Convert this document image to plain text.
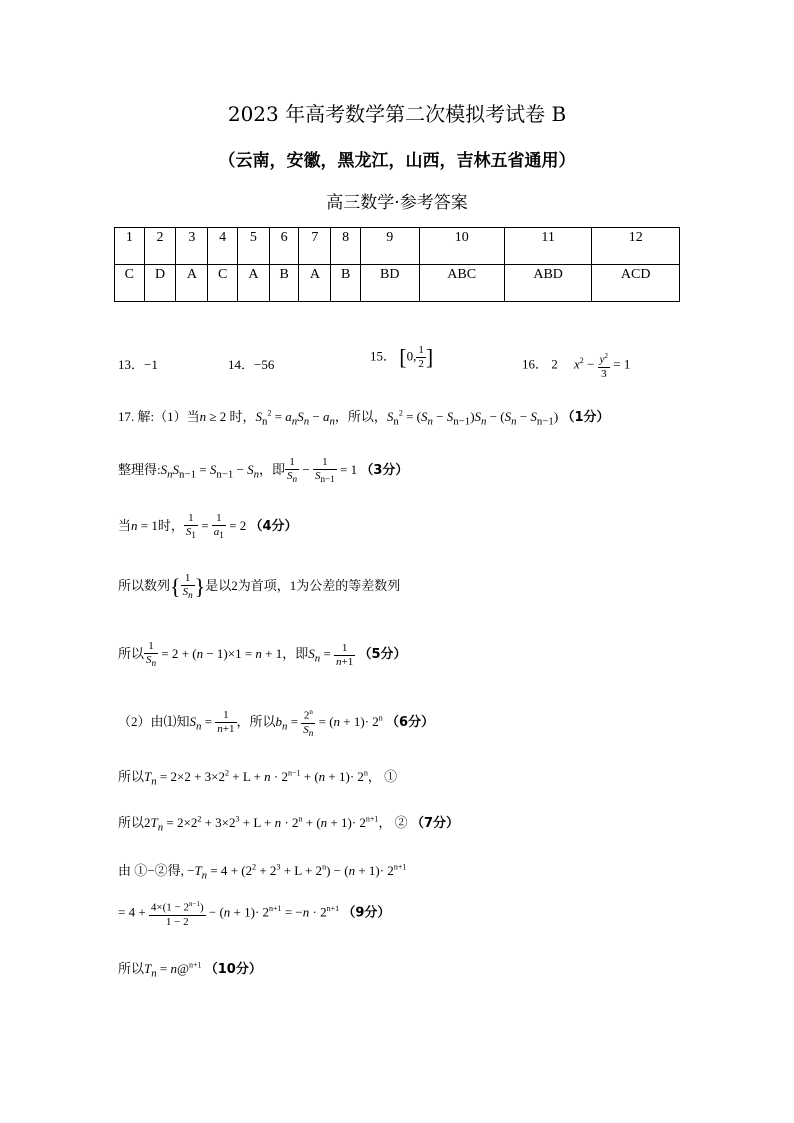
2023 年高考数学第二次模拟考试卷 B
（云南，安徽，黑龙江，山西，吉林五省通用）
高三数学·参考答案
1	2	3	4	5	6	7	8	9	10	11	12
C	D	A	C	A	B	A	B	BD	ABC	ABD	ACD
13．−1	14．−56
15． [0, $\frac{1}{2}$ ]	16． 2 $x^2 - \frac{y^2}{3} = 1$
17. 解:（1）当n ≥ 2 时，$S_n^2 = a_nS_n - a_n$，所以，$S_n^2 = (S_n - S_{n-1})S_n - (S_n - S_{n-1})$ （1分）
整理得$:S_nS_{n-1} = S_{n-1} - S_n$，即 $\frac{1}{S_n} - \frac{1}{S_{n-1}} = 1$ （3分）
当n = 1时， $\frac{1}{S_1} = \frac{1}{a_1} = 2$ （4分）
所以数列{ $\frac{1}{S_n}$ }是以2为首项，1为公差的等差数列
所以 $\frac{1}{S_n} = 2 + (n - 1)\times 1 = n + 1$，即$S_n = \frac{1}{n+1} (5$分）
（2）由⑴知$S_n = \frac{1}{n+1}$ ，所以$b_n = \frac{2^n}{S_n} = (n + 1)\cdot 2^n$ （6分）
所以$T_n = 2\times 2 + 3\times 2^2 + L + n \cdot 2^{n-1} + (n + 1)\cdot 2^n$， ①
所以$2T_n = 2\times 2^2 + 3\times 2^3 + L + n \cdot 2^n + (n + 1)\cdot 2^{n+1}$， ② （7分）
由 ①−②得, $-T_n = 4 + (2^2 + 2^3 + L + 2^n) - (n + 1)\cdot 2^{n+1}$
= $4 + \frac{4\times(1 - 2^{n-1})}{1 - 2} - (n + 1)\cdot 2^{n+1} = -n \cdot 2^{n+1}$ （9分）
所以$T_n$ = n@$^{n+1}$ （10分）
